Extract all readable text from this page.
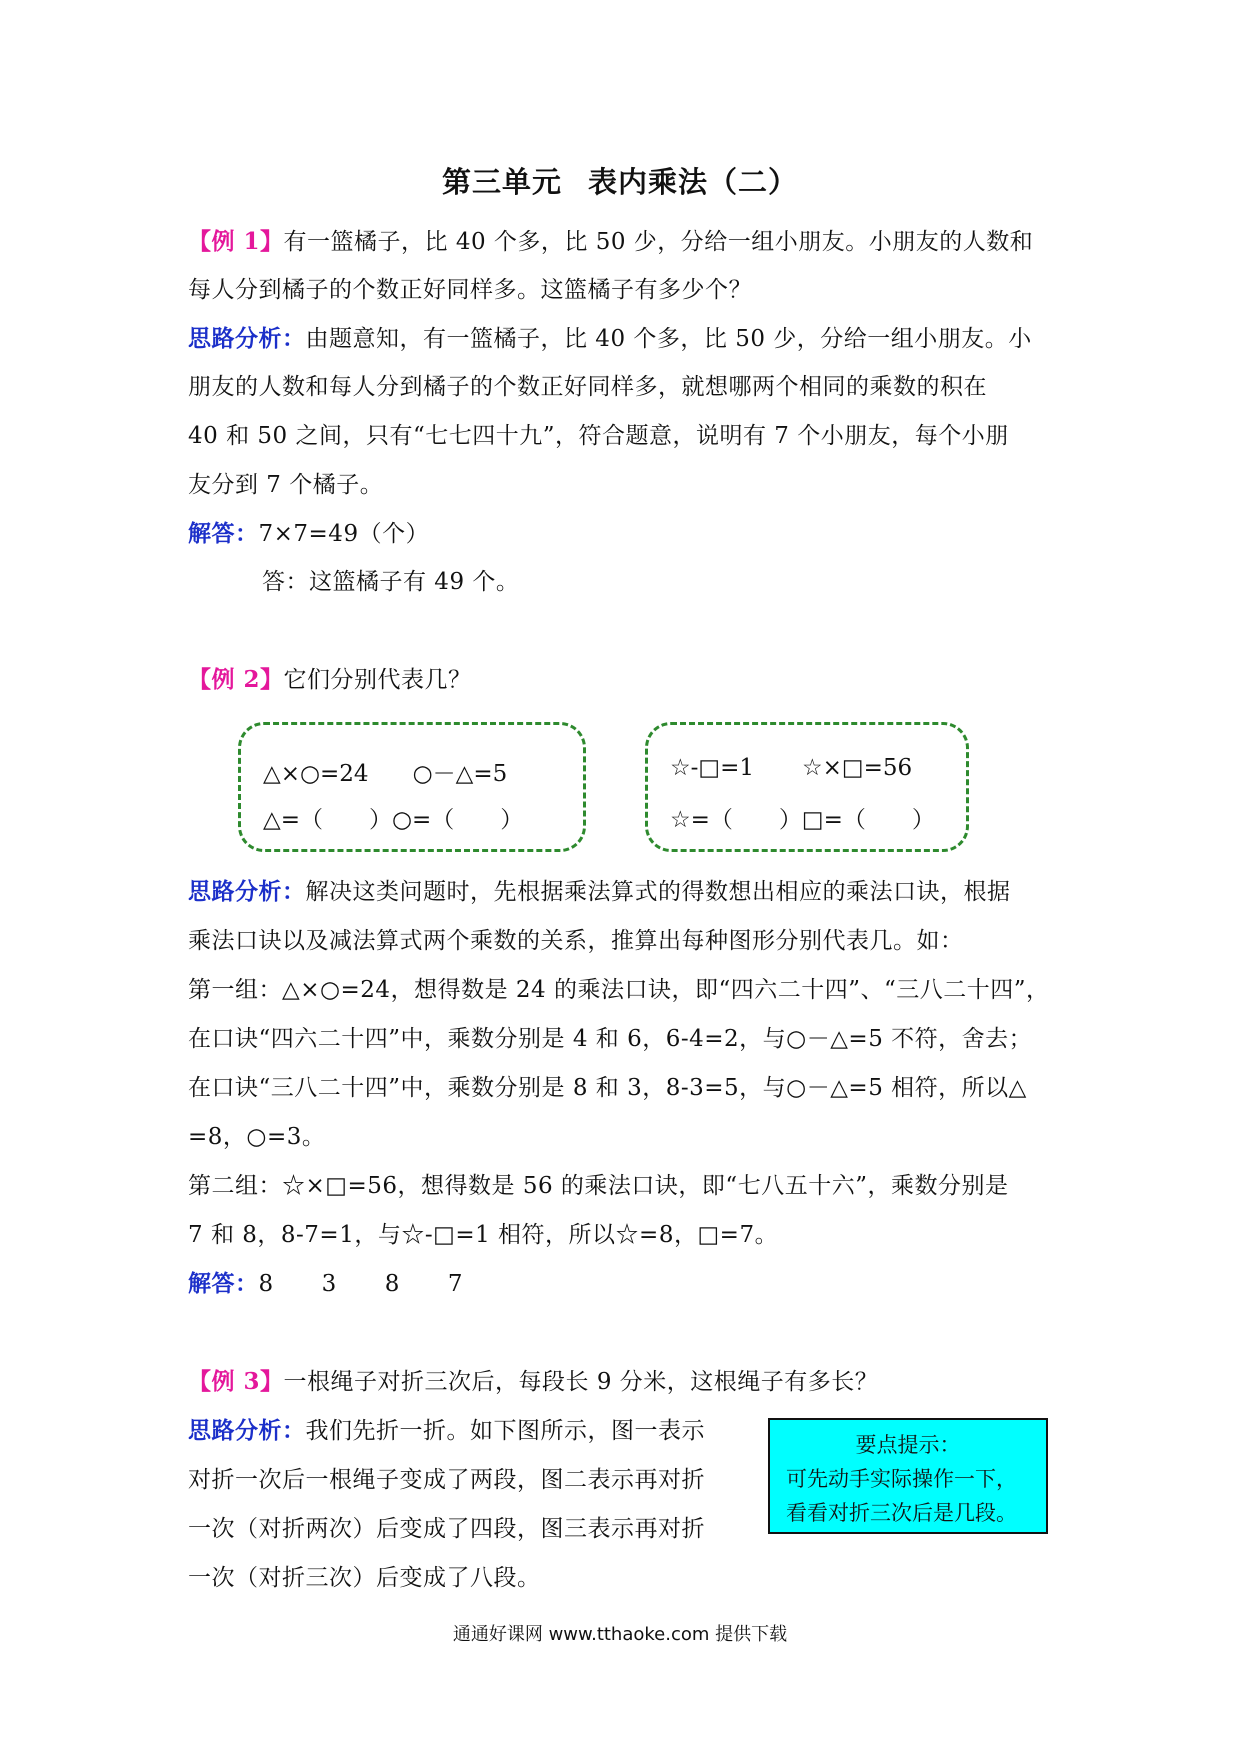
第三单元 表内乘法（二）
【例 1】有一篮橘子，比 40 个多，比 50 少，分给一组小朋友。小朋友的人数和
每人分到橘子的个数正好同样多。这篮橘子有多少个？
思路分析：由题意知，有一篮橘子，比 40 个多，比 50 少，分给一组小朋友。小
朋友的人数和每人分到橘子的个数正好同样多，就想哪两个相同的乘数的积在
40 和 50 之间，只有“七七四十九”，符合题意，说明有 7 个小朋友，每个小朋
友分到 7 个橘子。
解答：7×7=49（个）
答：这篮橘子有 49 个。
【例 2】它们分别代表几？
△×○=24 ○－△=5
△=（　　）○=（　　）
☆-□=1 ☆×□=56
☆=（　　）□=（　　）
思路分析：解决这类问题时，先根据乘法算式的得数想出相应的乘法口诀，根据
乘法口诀以及减法算式两个乘数的关系，推算出每种图形分别代表几。如：
第一组：△×○=24，想得数是 24 的乘法口诀，即“四六二十四”、“三八二十四”，
在口诀“四六二十四”中，乘数分别是 4 和 6，6-4=2，与○－△=5 不符，舍去；
在口诀“三八二十四”中，乘数分别是 8 和 3，8-3=5，与○－△=5 相符，所以△
=8，○=3。
第二组：☆×□=56，想得数是 56 的乘法口诀，即“七八五十六”，乘数分别是
7 和 8，8-7=1，与☆-□=1 相符，所以☆=8，□=7。
解答：8 3 8 7
【例 3】一根绳子对折三次后，每段长 9 分米，这根绳子有多长？
思路分析：我们先折一折。如下图所示，图一表示
对折一次后一根绳子变成了两段，图二表示再对折
一次（对折两次）后变成了四段，图三表示再对折
一次（对折三次）后变成了八段。
要点提示：
可先动手实际操作一下，
看看对折三次后是几段。
通通好课网 www.tthaoke.com 提供下载
